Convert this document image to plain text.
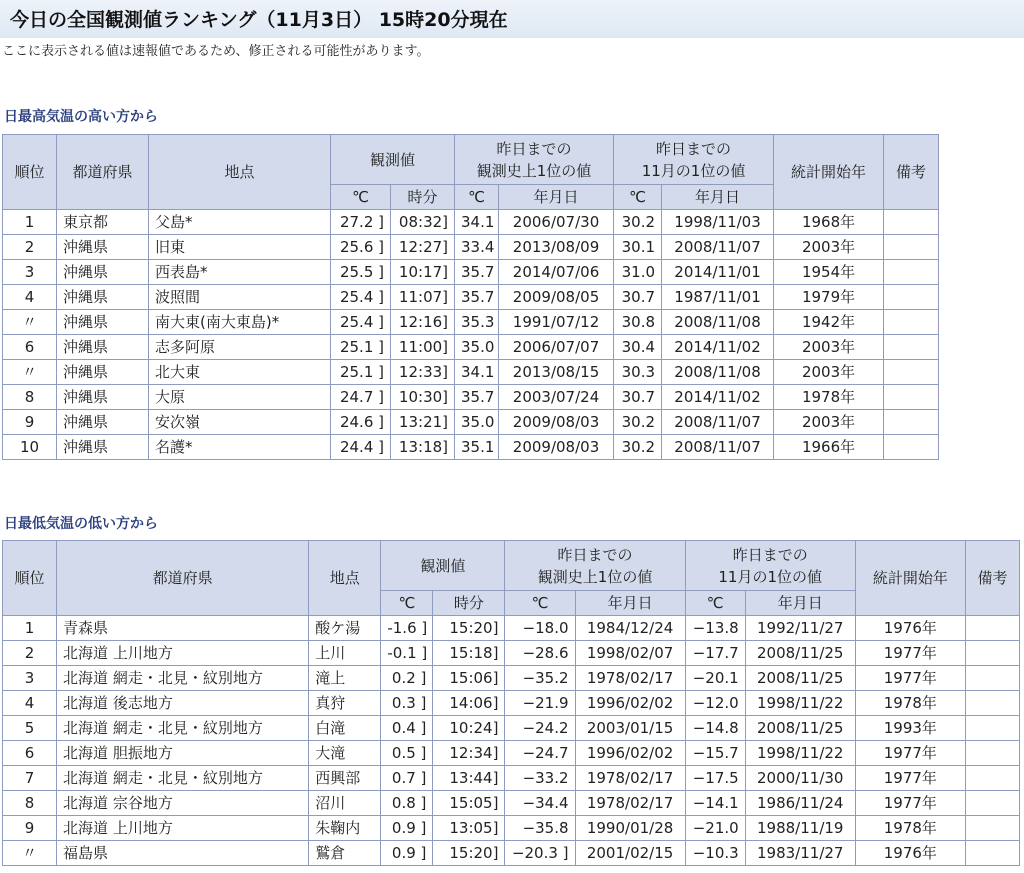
今日の全国観測値ランキング（11月3日） 15時20分現在
ここに表示される値は速報値であるため、修正される可能性があります。
日最高気温の高い方から
順位	都道府県	地点	観測値		昨日までの
観測史上1位の値		昨日までの
11月の1位の値		統計開始年	備考
			℃	時分	℃	年月日	℃	年月日		
1	東京都	父島*	27.2 ]	08:32]	34.1	2006/07/30	30.2	1998/11/03	1968年	
2	沖縄県	旧東	25.6 ]	12:27]	33.4	2013/08/09	30.1	2008/11/07	2003年	
3	沖縄県	西表島*	25.5 ]	10:17]	35.7	2014/07/06	31.0	2014/11/01	1954年	
4	沖縄県	波照間	25.4 ]	11:07]	35.7	2009/08/05	30.7	1987/11/01	1979年	
〃	沖縄県	南大東(南大東島)*	25.4 ]	12:16]	35.3	1991/07/12	30.8	2008/11/08	1942年	
6	沖縄県	志多阿原	25.1 ]	11:00]	35.0	2006/07/07	30.4	2014/11/02	2003年	
〃	沖縄県	北大東	25.1 ]	12:33]	34.1	2013/08/15	30.3	2008/11/08	2003年	
8	沖縄県	大原	24.7 ]	10:30]	35.7	2003/07/24	30.7	2014/11/02	1978年	
9	沖縄県	安次嶺	24.6 ]	13:21]	35.0	2009/08/03	30.2	2008/11/07	2003年	
10	沖縄県	名護*	24.4 ]	13:18]	35.1	2009/08/03	30.2	2008/11/07	1966年	
日最低気温の低い方から
順位	都道府県	地点	観測値		昨日までの
観測史上1位の値		昨日までの
11月の1位の値		統計開始年	備考
			℃	時分	℃	年月日	℃	年月日		
1	青森県	酸ケ湯	-1.6 ]	15:20]	−18.0	1984/12/24	−13.8	1992/11/27	1976年	
2	北海道 上川地方	上川	-0.1 ]	15:18]	−28.6	1998/02/07	−17.7	2008/11/25	1977年	
3	北海道 網走・北見・紋別地方	滝上	0.2 ]	15:06]	−35.2	1978/02/17	−20.1	2008/11/25	1977年	
4	北海道 後志地方	真狩	0.3 ]	14:06]	−21.9	1996/02/02	−12.0	1998/11/22	1978年	
5	北海道 網走・北見・紋別地方	白滝	0.4 ]	10:24]	−24.2	2003/01/15	−14.8	2008/11/25	1993年	
6	北海道 胆振地方	大滝	0.5 ]	12:34]	−24.7	1996/02/02	−15.7	1998/11/22	1977年	
7	北海道 網走・北見・紋別地方	西興部	0.7 ]	13:44]	−33.2	1978/02/17	−17.5	2000/11/30	1977年	
8	北海道 宗谷地方	沼川	0.8 ]	15:05]	−34.4	1978/02/17	−14.1	1986/11/24	1977年	
9	北海道 上川地方	朱鞠内	0.9 ]	13:05]	−35.8	1990/01/28	−21.0	1988/11/19	1978年	
〃	福島県	鷲倉	0.9 ]	15:20]	−20.3 ]	2001/02/15	−10.3	1983/11/27	1976年	
